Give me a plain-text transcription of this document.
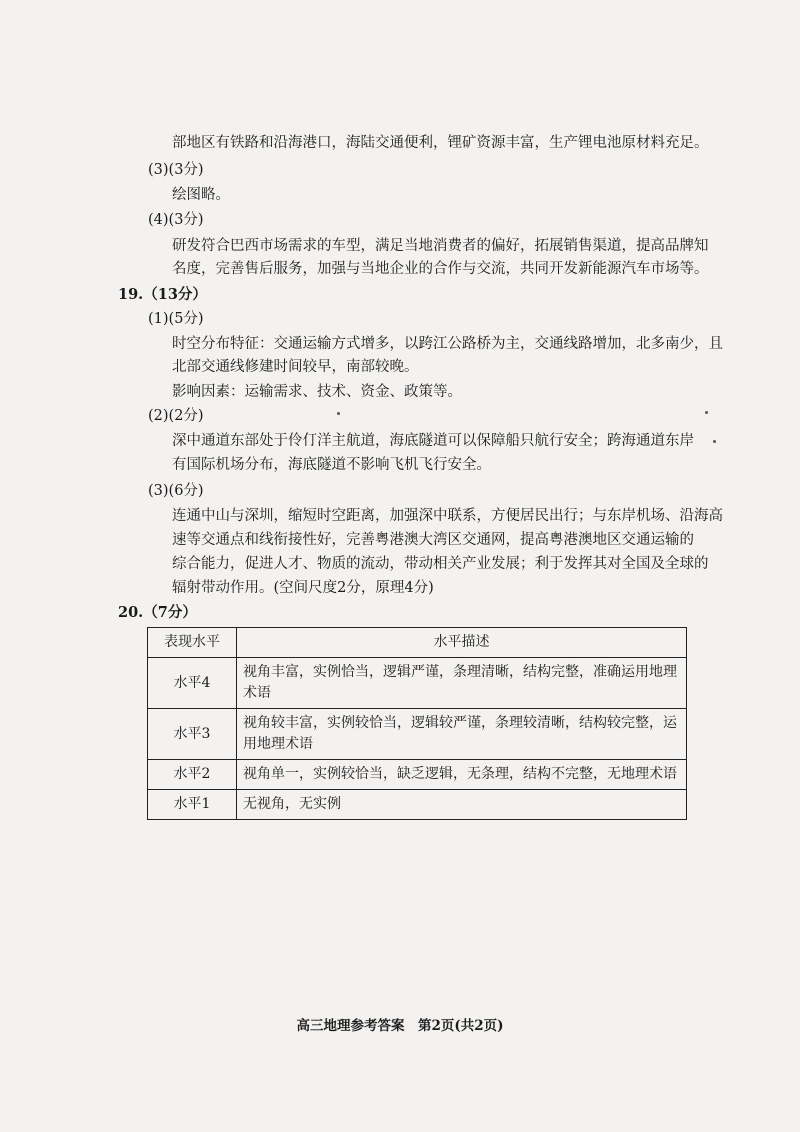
部地区有铁路和沿海港口，海陆交通便利，锂矿资源丰富，生产锂电池原材料充足。
(3)(3分)
绘图略。
(4)(3分)
研发符合巴西市场需求的车型，满足当地消费者的偏好，拓展销售渠道，提高品牌知
名度，完善售后服务，加强与当地企业的合作与交流，共同开发新能源汽车市场等。
19.（13分）
(1)(5分)
时空分布特征：交通运输方式增多，以跨江公路桥为主，交通线路增加，北多南少，且
北部交通线修建时间较早，南部较晚。
影响因素：运输需求、技术、资金、政策等。
(2)(2分)
深中通道东部处于伶仃洋主航道，海底隧道可以保障船只航行安全；跨海通道东岸
有国际机场分布，海底隧道不影响飞机飞行安全。
(3)(6分)
连通中山与深圳，缩短时空距离，加强深中联系，方便居民出行；与东岸机场、沿海高
速等交通点和线衔接性好，完善粤港澳大湾区交通网，提高粤港澳地区交通运输的
综合能力，促进人才、物质的流动，带动相关产业发展；利于发挥其对全国及全球的
辐射带动作用。(空间尺度2分，原理4分)
20.（7分）
表现水平	水平描述
水平4	视角丰富，实例恰当，逻辑严谨，条理清晰，结构完整，准确运用地理术语
水平3	视角较丰富，实例较恰当，逻辑较严谨，条理较清晰，结构较完整，运用地理术语
水平2	视角单一，实例较恰当，缺乏逻辑，无条理，结构不完整，无地理术语
水平1	无视角，无实例
高三地理参考答案　第2页(共2页)
